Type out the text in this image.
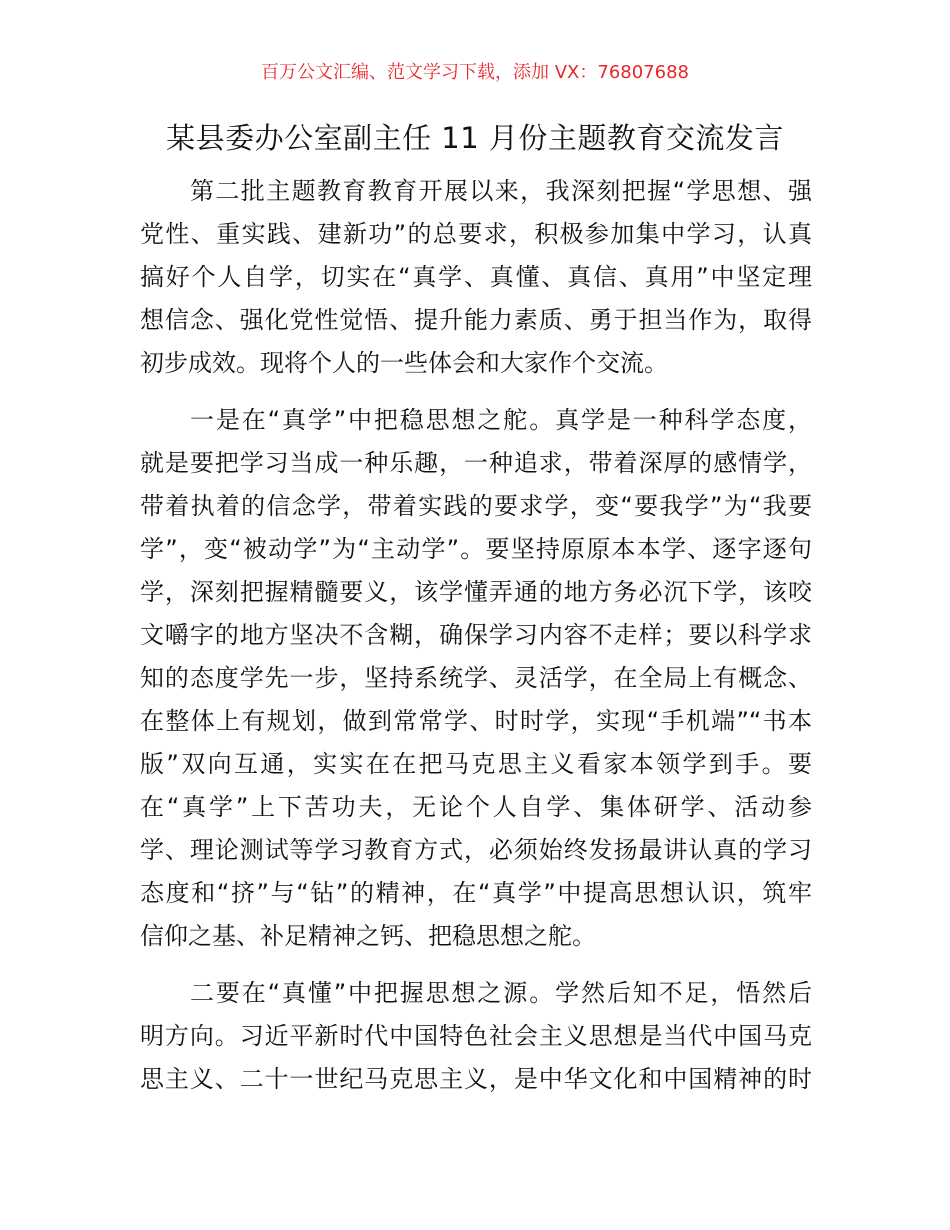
百万公文汇编、范文学习下载，添加 VX：76807688
某县委办公室副主任 11 月份主题教育交流发言
第二批主题教育教育开展以来，我深刻把握“学思想、强
党性、重实践、建新功”的总要求，积极参加集中学习，认真
搞好个人自学，切实在“真学、真懂、真信、真用”中坚定理
想信念、强化党性觉悟、提升能力素质、勇于担当作为，取得
初步成效。现将个人的一些体会和大家作个交流。
一是在“真学”中把稳思想之舵。真学是一种科学态度，
就是要把学习当成一种乐趣，一种追求，带着深厚的感情学，
带着执着的信念学，带着实践的要求学，变“要我学”为“我要
学”，变“被动学”为“主动学”。要坚持原原本本学、逐字逐句
学，深刻把握精髓要义，该学懂弄通的地方务必沉下学，该咬
文嚼字的地方坚决不含糊，确保学习内容不走样；要以科学求
知的态度学先一步，坚持系统学、灵活学，在全局上有概念、
在整体上有规划，做到常常学、时时学，实现“手机端”“书本
版”双向互通，实实在在把马克思主义看家本领学到手。要
在“真学”上下苦功夫，无论个人自学、集体研学、活动参
学、理论测试等学习教育方式，必须始终发扬最讲认真的学习
态度和“挤”与“钻”的精神，在“真学”中提高思想认识，筑牢
信仰之基、补足精神之钙、把稳思想之舵。
二要在“真懂”中把握思想之源。学然后知不足，悟然后
明方向。习近平新时代中国特色社会主义思想是当代中国马克
思主义、二十一世纪马克思主义，是中华文化和中国精神的时
